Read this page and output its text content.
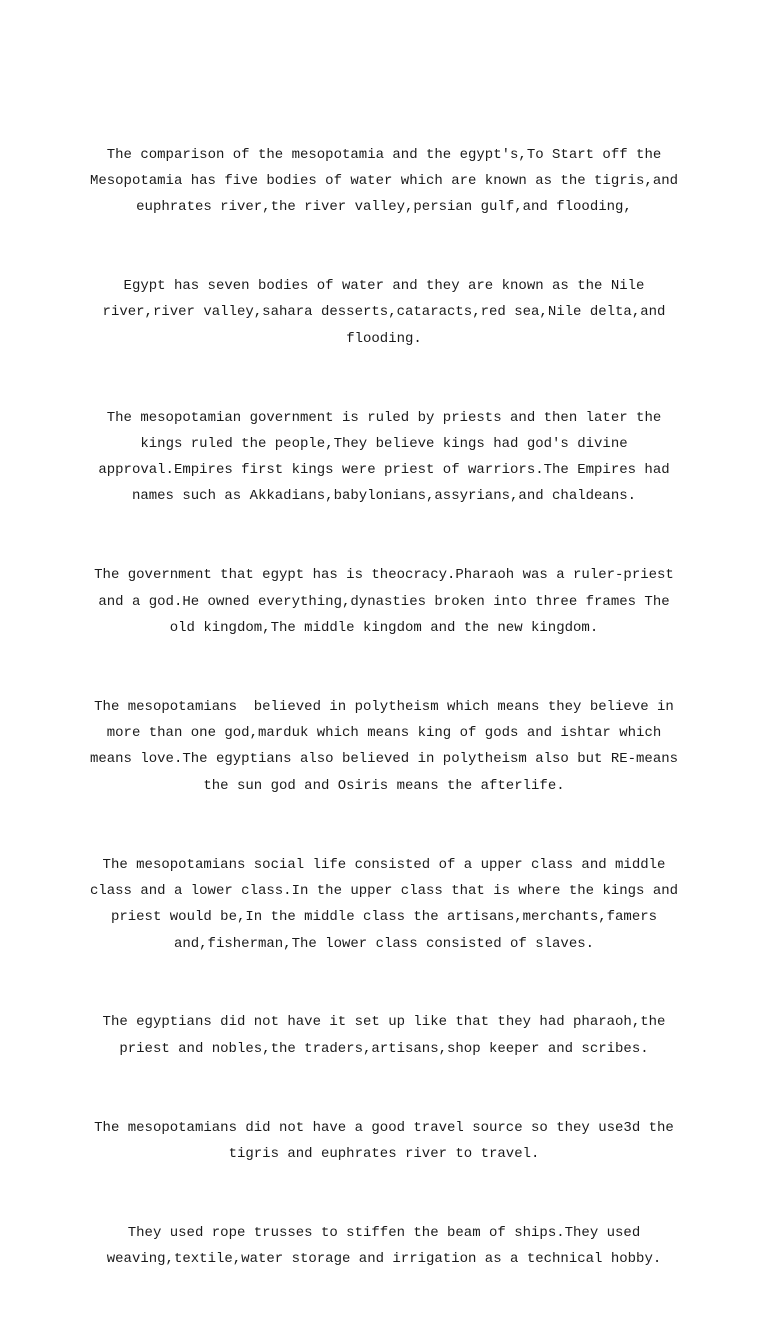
The comparison of the mesopotamia and the egypt's,To Start off the Mesopotamia has five bodies of water which are known as the tigris,and euphrates river,the river valley,persian gulf,and flooding,

Egypt has seven bodies of water and they are known as the Nile river,river valley,sahara desserts,cataracts,red sea,Nile delta,and flooding.

The mesopotamian government is ruled by priests and then later the kings ruled the people,They believe kings had god's divine approval.Empires first kings were priest of warriors.The Empires had names such as Akkadians,babylonians,assyrians,and chaldeans.

The government that egypt has is theocracy.Pharaoh was a ruler-priest  and a god.He owned everything,dynasties broken into three frames The old kingdom,The middle kingdom and the new kingdom.

The mesopotamians  believed in polytheism which means they believe in more than one god,marduk which means king of gods and ishtar which means love.The egyptians also believed in polytheism also but RE-means the sun god and Osiris means the afterlife.

The mesopotamians social life consisted of a upper class and middle class and a lower class.In the upper class that is where the kings and priest would be,In the middle class the artisans,merchants,famers and,fisherman,The lower class consisted of slaves.

The egyptians did not have it set up like that they had pharaoh,the priest and nobles,the traders,artisans,shop keeper and scribes.

The mesopotamians did not have a good travel source so they use3d the tigris and euphrates river to travel.

They used rope trusses to stiffen the beam of ships.They used weaving,textile,water storage and irrigation as a technical hobby.
